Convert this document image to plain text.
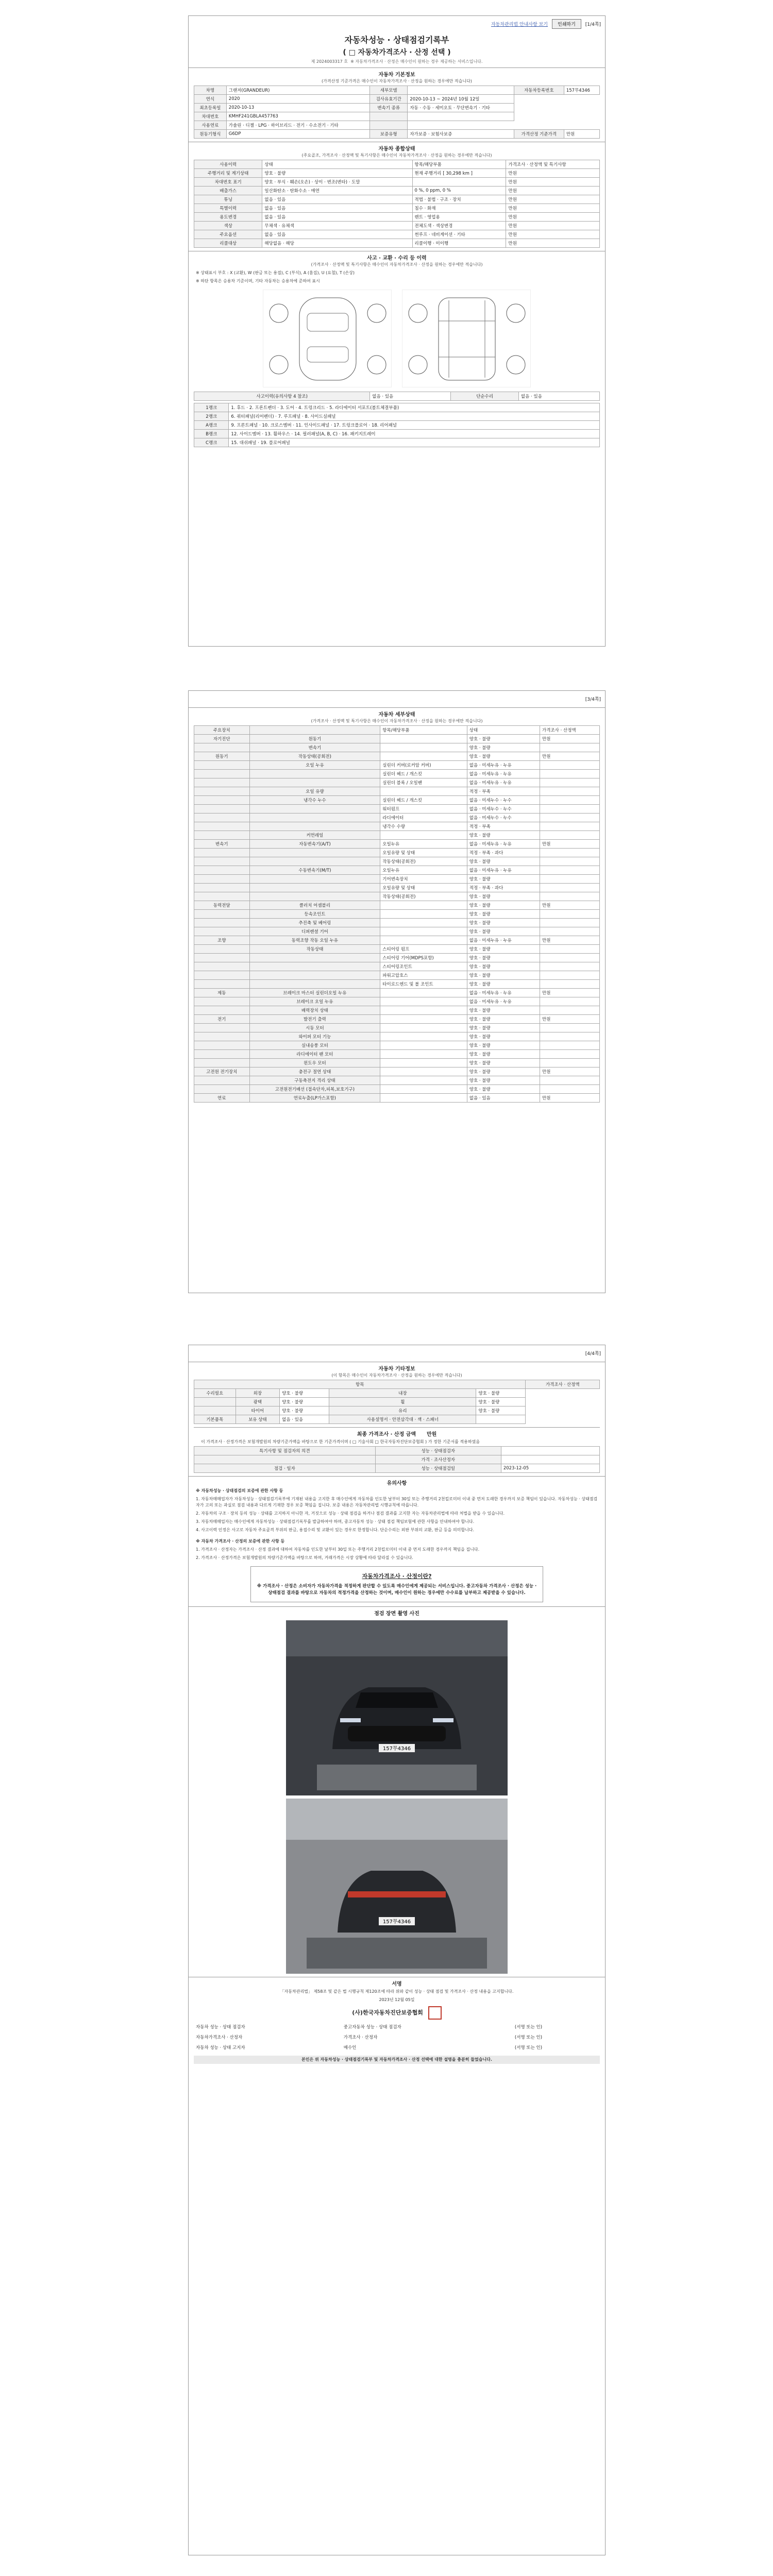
자동차관리법 안내사항 보기	인쇄하기	[1/4쪽]
자동차성능 · 상태점검기록부
( □ 자동차가격조사 · 산정 선택 )
제 2024003317 호 ※ 자동차가격조사 · 산정은 매수인이 원하는 경우 제공하는 서비스입니다.
자동차 기본정보
(가격산정 기준가격은 매수인이 자동차가격조사 · 산정을 원하는 경우에만 적습니다)
차명	그랜저(GRANDEUR)	세부모델		자동차등록번호	157무4346
연식	2020	검사유효기간	2020-10-13 ~ 2024년 10월 12일		
최초등록일	2020-10-13	변속기 종류	자동 · 수동 · 세미오토 · 무단변속기 · 기타		
차대번호	KMHF241GBLA457763				
사용연료	가솔린 · 디젤 · LPG · 하이브리드 · 전기 · 수소전기 · 기타				
원동기형식	G6DP	보증유형	자가보증 · 보험사보증	가격산정 기준가격	만원
자동차 종합상태
(주요골조, 가격조사 · 산정액 및 특기사항은 매수인이 자동차가격조사 · 산정을 원하는 경우에만 적습니다)
사용이력	상태	항목/해당부품	가격조사 · 산정액 및 특기사항
주행거리 및 계기상태	양호 · 불량	현재 주행거리 [ 30,298 km ]	만원
차대번호 표기	양호 · 부식 · 훼손(오손) · 상이 · 변조(변타) · 도말		만원
배출가스	일산화탄소 · 탄화수소 · 매연	0 %, 0 ppm, 0 %	만원
튜닝	없음 · 있음	적법 · 불법 · 구조 · 장치	만원
특별이력	없음 · 있음	침수 · 화재	만원
용도변경	없음 · 있음	렌트 · 영업용	만원
색상	무채색 · 유채색	전체도색 · 색상변경	만원
주요옵션	없음 · 있음	썬루프 · 네비게이션 · 기타	만원
리콜대상	해당없음 · 해당	리콜이행 · 미이행	만원
사고 · 교환 · 수리 등 이력
(가격조사 · 산정액 및 특기사항은 매수인이 자동차가격조사 · 산정을 원하는 경우에만 적습니다)
※ 상태표시 부호 : X (교환), W (판금 또는 용접), C (부식), A (흠집), U (요철), T (손상)
※ 하단 항목은 승용차 기준이며, 기타 자동차는 승용차에 준하여 표시
사고이력(유의사항 4 참조)	없음 · 있음	단순수리	없음 · 있음
1랭크	1. 후드 · 2. 프론트펜더 · 3. 도어 · 4. 트렁크리드 · 5. 라디에이터 서포트(볼트체결부품)
2랭크	6. 쿼터패널(리어펜더) · 7. 루프패널 · 8. 사이드실패널
A랭크	9. 프론트패널 · 10. 크로스멤버 · 11. 인사이드패널 · 17. 트렁크플로어 · 18. 리어패널
B랭크	12. 사이드멤버 · 13. 휠하우스 · 14. 필러패널(A, B, C) · 16. 패키지트레이
C랭크	15. 대쉬패널 · 19. 플로어패널
[3/4쪽]
자동차 세부상태
(가격조사 · 산정액 및 특기사항은 매수인이 자동차가격조사 · 산정을 원하는 경우에만 적습니다)
주요장치		항목/해당부품	상태	가격조사 · 산정액
자기진단	원동기		양호 · 불량	만원
	변속기		양호 · 불량	
원동기	작동상태(공회전)		양호 · 불량	만원
	오일 누유	실린더 커버(로커암 커버)	없음 · 미세누유 · 누유	
		실린더 헤드 / 개스킷	없음 · 미세누유 · 누유	
		실린더 블록 / 오일팬	없음 · 미세누유 · 누유	
	오일 유량		적정 · 부족	
	냉각수 누수	실린더 헤드 / 개스킷	없음 · 미세누수 · 누수	
		워터펌프	없음 · 미세누수 · 누수	
		라디에이터	없음 · 미세누수 · 누수	
		냉각수 수량	적정 · 부족	
	커먼레일		양호 · 불량	
변속기	자동변속기(A/T)	오일누유	없음 · 미세누유 · 누유	만원
		오일유량 및 상태	적정 · 부족 · 과다	
		작동상태(공회전)	양호 · 불량	
	수동변속기(M/T)	오일누유	없음 · 미세누유 · 누유	
		기어변속장치	양호 · 불량	
		오일유량 및 상태	적정 · 부족 · 과다	
		작동상태(공회전)	양호 · 불량	
동력전달	클러치 어셈블리		양호 · 불량	만원
	등속조인트		양호 · 불량	
	추진축 및 베어링		양호 · 불량	
	디퍼렌셜 기어		양호 · 불량	
조향	동력조향 작동 오일 누유		없음 · 미세누유 · 누유	만원
	작동상태	스티어링 펌프	양호 · 불량	
		스티어링 기어(MDPS포함)	양호 · 불량	
		스티어링조인트	양호 · 불량	
		파워고압호스	양호 · 불량	
		타이로드엔드 및 볼 조인트	양호 · 불량	
제동	브레이크 마스터 실린더오일 누유		없음 · 미세누유 · 누유	만원
	브레이크 오일 누유		없음 · 미세누유 · 누유	
	배력장치 상태		양호 · 불량	
전기	발전기 출력		양호 · 불량	만원
	시동 모터		양호 · 불량	
	와이퍼 모터 기능		양호 · 불량	
	실내송풍 모터		양호 · 불량	
	라디에이터 팬 모터		양호 · 불량	
	윈도우 모터		양호 · 불량	
고전원 전기장치	충전구 절연 상태		양호 · 불량	만원
	구동축전지 격리 상태		양호 · 불량	
	고전원전기배선 (접속단자,피복,보호기구)		양호 · 불량	
연료	연료누출(LP가스포함)		없음 · 있음	만원
[4/4쪽]
자동차 기타정보
(이 항목은 매수인이 자동차가격조사 · 산정을 원하는 경우에만 적습니다)
항목					가격조사 · 산정액
수리필요	외장	양호 · 불량	내장	양호 · 불량	
	광택	양호 · 불량	휠	양호 · 불량	
	타이어	양호 · 불량	유리	양호 · 불량	
기본품목	보유 상태	없음 · 있음	사용설명서 · 안전삼각대 · 잭 · 스패너		
최종 가격조사 · 산정 금액 만원
이 가격조사 · 산정가격은 보험개발원의 차량기준가액을 바탕으로 한 기준가격이며 ( □ 기술사회 □ 한국자동차진단보증협회 ) 가 정한 기준서를 적용하였음
특기사항 및 점검자의 의견	성능 · 상태점검자	
	가격 · 조사산정자	
점검 · 일자	성능 · 상태점검일	2023-12-05
유의사항
※ 자동차성능 · 상태점검의 보증에 관한 사항 등
1. 자동차매매업자가 자동차성능 · 상태점검기록부에 기재된 내용을 고지한 후 매수인에게 자동차를 인도한 날부터 30일 또는 주행거리 2천킬로미터 이내 중 먼저 도래한 경우까지 보증 책임이 있습니다. 자동차성능 · 상태점검자가 고의 또는 과실로 점검 내용과 다르게 기재한 경우 보증 책임을 집니다. 보증 내용은 자동차관리법 시행규칙에 따릅니다.
2. 자동차의 구조 · 장치 등의 성능 · 상태를 고지하지 아니한 자, 거짓으로 성능 · 상태 점검을 하거나 점검 결과를 고지한 자는 자동차관리법에 따라 처벌을 받을 수 있습니다.
3. 자동차매매업자는 매수인에게 자동차성능 · 상태점검기록부를 발급하여야 하며, 중고자동차 성능 · 상태 점검 책임보험에 관한 사항을 안내하여야 합니다.
4. 사고이력 인정은 사고로 자동차 주요골격 부위의 판금, 용접수리 및 교환이 있는 경우로 한정합니다. 단순수리는 외판 부위의 교환, 판금 등을 의미합니다.
※ 자동차 가격조사 · 산정의 보증에 관한 사항 등
1. 가격조사 · 산정자는 가격조사 · 산정 결과에 대하여 자동차를 인도한 날부터 30일 또는 주행거리 2천킬로미터 이내 중 먼저 도래한 경우까지 책임을 집니다.
2. 가격조사 · 산정가격은 보험개발원의 차량기준가액을 바탕으로 하며, 거래가격은 시장 상황에 따라 달라질 수 있습니다.
자동차가격조사 · 산정이란?
※ 가격조사 · 산정은 소비자가 자동차가격을 적정하게 판단할 수 있도록 매수인에게 제공되는 서비스입니다. 중고자동차 가격조사 · 산정은 성능 · 상태점검 결과를 바탕으로 자동차의 적정가격을 산정하는 것이며, 매수인이 원하는 경우에만 수수료를 납부하고 제공받을 수 있습니다.
점검 장면 촬영 사진
157무4346
157무4346
서명
「자동차관리법」 제58조 및 같은 법 시행규칙 제120조에 따라 위와 같이 성능 · 상태 점검 및 가격조사 · 산정 내용을 고지합니다.
2023년 12월 05일
(사)한국자동차진단보증협회
자동차 성능 · 상태 점검자	중고자동차 성능 · 상태 점검자	(서명 또는 인)
자동차가격조사 · 산정자	가격조사 · 산정자	(서명 또는 인)
자동차 성능 · 상태 고지자	매수인	(서명 또는 인)
본인은 위 자동차성능 · 상태점검기록부 및 자동차가격조사 · 산정 선택에 대한 설명을 충분히 들었습니다.
